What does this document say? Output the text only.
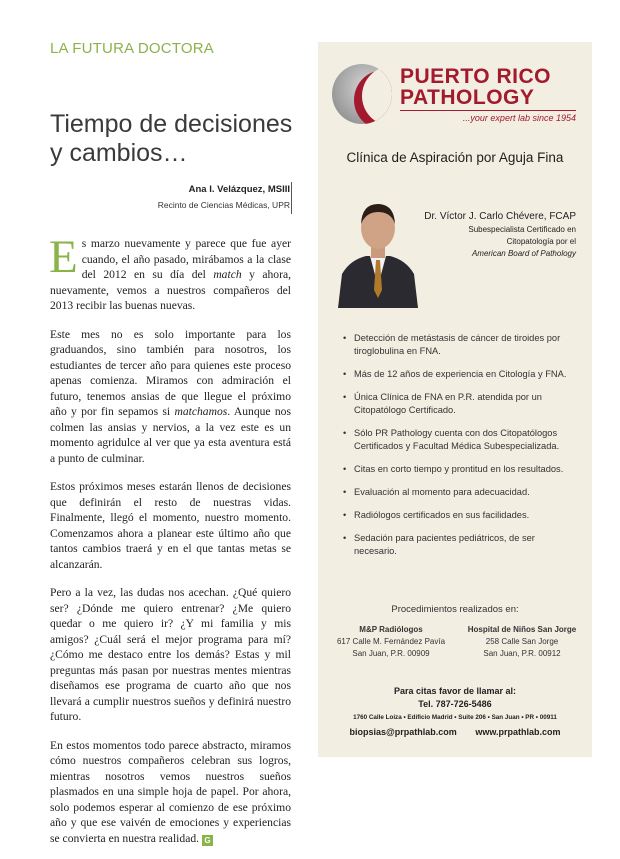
LA FUTURA DOCTORA
Tiempo de decisiones
y cambios…
Ana I. Velázquez, MSIII
Recinto de Ciencias Médicas, UPR

Es marzo nuevamente y parece que fue ayer cuando, el año pasado, mirábamos a la clase del 2012 en su día del match y ahora, nuevamente, vemos a nuestros compañeros del 2013 recibir las buenas nuevas.

Este mes no es solo importante para los graduandos, sino también para nosotros, los estudiantes de tercer año para quienes este proceso apenas comienza. Miramos con admiración el futuro, tenemos ansias de que llegue el próximo año y por fin sepamos si matchamos. Aunque nos colmen las ansias y nervios, a la vez este es un momento agridulce al ver que ya esta aventura está a punto de culminar.

Estos próximos meses estarán llenos de decisiones que definirán el resto de nuestras vidas. Finalmente, llegó el momento, nuestro momento. Comenzamos ahora a planear este último año que tantos cambios traerá y en el que tantas metas se alcanzarán.

Pero a la vez, las dudas nos acechan. ¿Qué quiero ser? ¿Dónde me quiero entrenar? ¿Me quiero quedar o me quiero ir? ¿Y mi familia y mis amigos? ¿Cuál será el mejor programa para mí? ¿Cómo me destaco entre los demás? Estas y mil preguntas más pasan por nuestras mentes mientras diseñamos ese programa de cuarto año que nos llevará a cumplir nuestros sueños y definirá nuestro futuro.

En estos momentos todo parece abstracto, miramos cómo nuestros compañeros celebran sus logros, mientras nosotros vemos nuestros sueños plasmados en una simple hoja de papel. Por ahora, solo podemos esperar al comienzo de ese próximo año y que ese vaivén de emociones y experiencias se convierta en nuestra realidad. G

PUERTO RICO
PATHOLOGY
...your expert lab since 1954
Clínica de Aspiración por Aguja Fina
Dr. Víctor J. Carlo Chévere, FCAP
Subespecialista Certificado en
Citopatología por el
American Board of Pathology
• Detección de metástasis de cáncer de tiroides por tiroglobulina en FNA.
• Más de 12 años de experiencia en Citología y FNA.
• Única Clínica de FNA en P.R. atendida por un Citopatólogo Certificado.
• Sólo PR Pathology cuenta con dos Citopatólogos Certificados y Facultad Médica Subespecializada.
• Citas en corto tiempo y prontitud en los resultados.
• Evaluación al momento para adecuacidad.
• Radiólogos certificados en sus facilidades.
• Sedación para pacientes pediátricos, de ser necesario.
Procedimientos realizados en:
M&P Radiólogos
617 Calle M. Fernández Pavía
San Juan, P.R. 00909
Hospital de Niños San Jorge
258 Calle San Jorge
San Juan, P.R. 00912
Para citas favor de llamar al:
Tel. 787-726-5486
1760 Calle Loíza • Edificio Madrid • Suite 206 • San Juan • PR • 00911
biopsias@prpathlab.com www.prpathlab.com
